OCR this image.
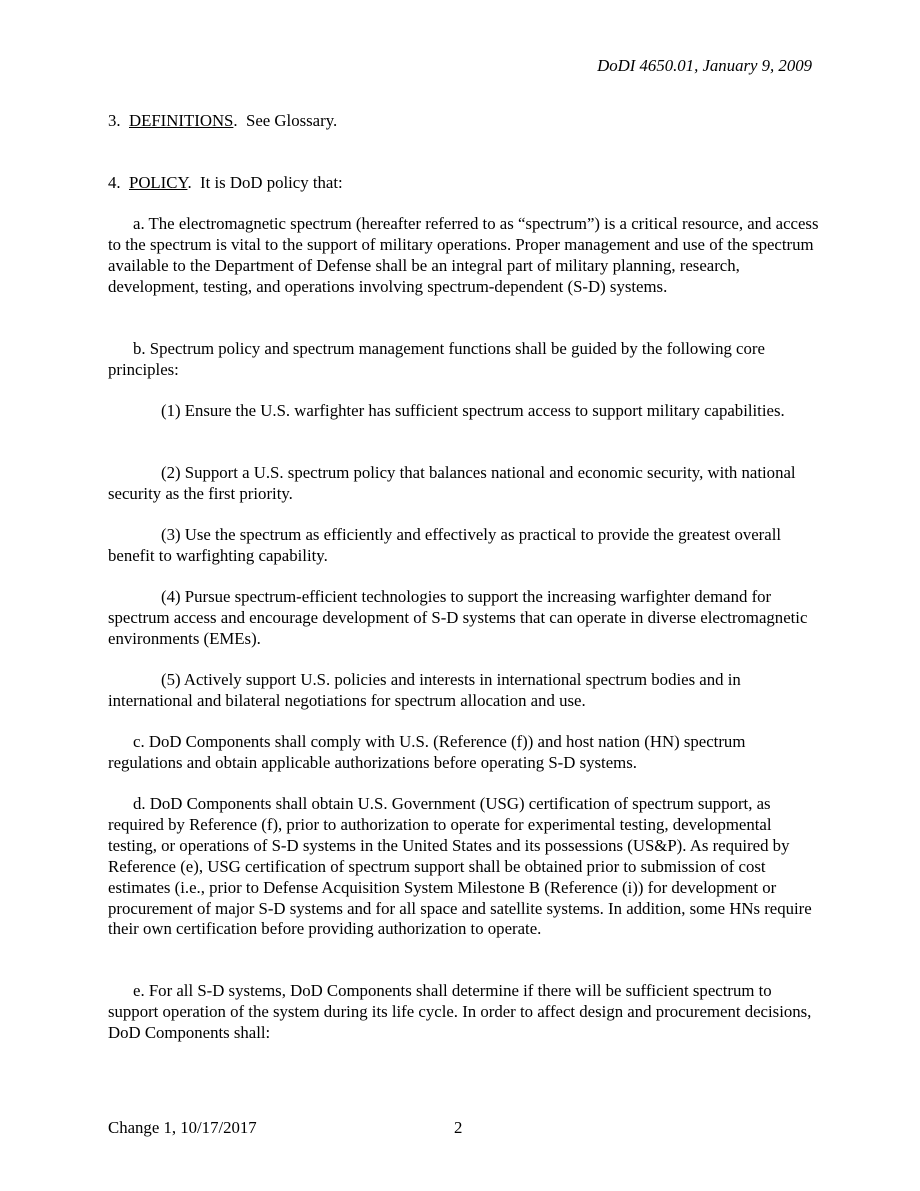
DoDI 4650.01, January 9, 2009
3. DEFINITIONS.  See Glossary.
4. POLICY.  It is DoD policy that:

a. The electromagnetic spectrum (hereafter referred to as “spectrum”) is a critical resource, and access to the spectrum is vital to the support of military operations. Proper management and use of the spectrum available to the Department of Defense shall be an integral part of military planning, research, development, testing, and operations involving spectrum-dependent (S-D) systems.

b. Spectrum policy and spectrum management functions shall be guided by the following core principles:

(1) Ensure the U.S. warfighter has sufficient spectrum access to support military capabilities.

(2) Support a U.S. spectrum policy that balances national and economic security, with national security as the first priority.

(3) Use the spectrum as efficiently and effectively as practical to provide the greatest overall benefit to warfighting capability.

(4) Pursue spectrum-efficient technologies to support the increasing warfighter demand for spectrum access and encourage development of S-D systems that can operate in diverse electromagnetic environments (EMEs).

(5) Actively support U.S. policies and interests in international spectrum bodies and in international and bilateral negotiations for spectrum allocation and use.

c. DoD Components shall comply with U.S. (Reference (f)) and host nation (HN) spectrum regulations and obtain applicable authorizations before operating S-D systems.

d. DoD Components shall obtain U.S. Government (USG) certification of spectrum support, as required by Reference (f), prior to authorization to operate for experimental testing, developmental testing, or operations of S-D systems in the United States and its possessions (US&P). As required by Reference (e), USG certification of spectrum support shall be obtained prior to submission of cost estimates (i.e., prior to Defense Acquisition System Milestone B (Reference (i)) for development or procurement of major S-D systems and for all space and satellite systems. In addition, some HNs require their own certification before providing authorization to operate.

e. For all S-D systems, DoD Components shall determine if there will be sufficient spectrum to support operation of the system during its life cycle. In order to affect design and procurement decisions, DoD Components shall:

Change 1, 10/17/2017	2
